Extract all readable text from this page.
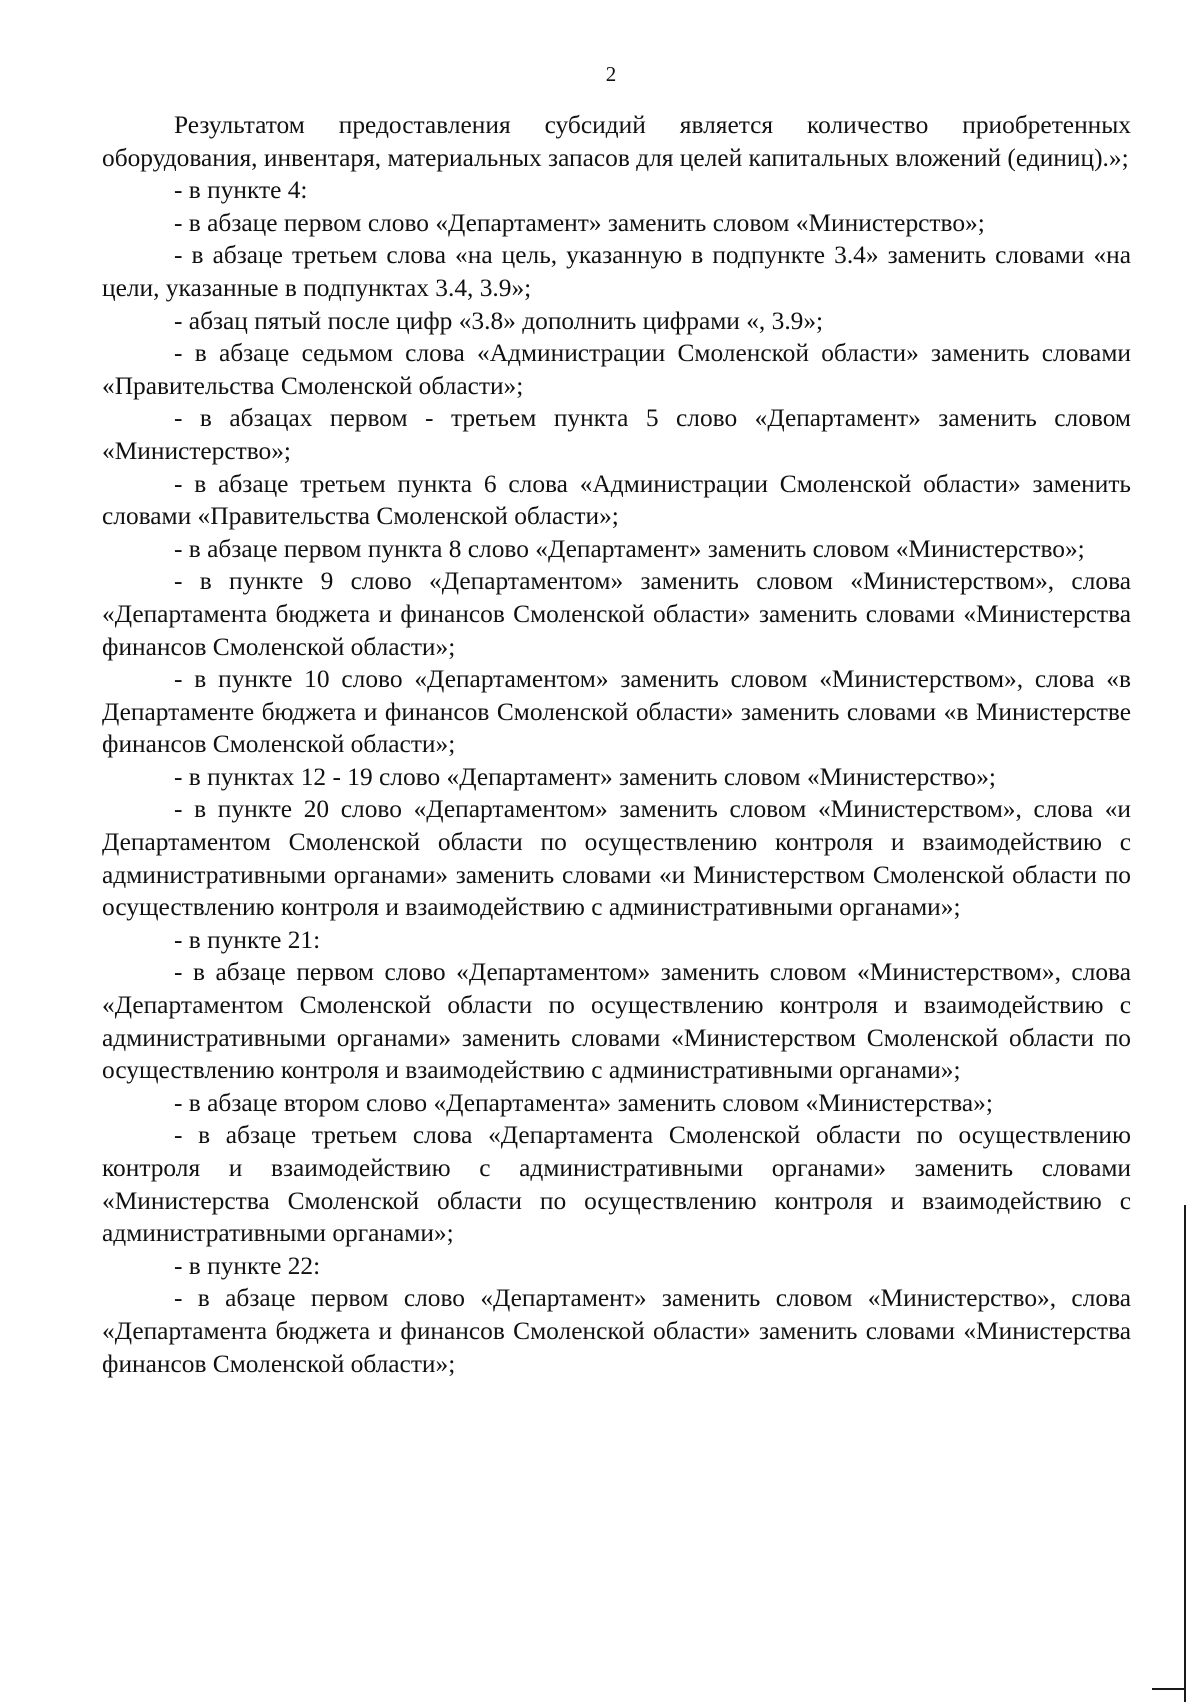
2

Результатом предоставления субсидий является количество приобретенных оборудования, инвентаря, материальных запасов для целей капитальных вложений (единиц).»;

- в пункте 4:

- в абзаце первом слово «Департамент» заменить словом «Министерство»;

- в абзаце третьем слова «на цель, указанную в подпункте 3.4» заменить словами «на цели, указанные в подпунктах 3.4, 3.9»;

- абзац пятый после цифр «3.8» дополнить цифрами «, 3.9»;

- в абзаце седьмом слова «Администрации Смоленской области» заменить словами «Правительства Смоленской области»;

- в абзацах первом - третьем пункта 5 слово «Департамент» заменить словом «Министерство»;

- в абзаце третьем пункта 6 слова «Администрации Смоленской области» заменить словами «Правительства Смоленской области»;

- в абзаце первом пункта 8 слово «Департамент» заменить словом «Министерство»;

- в пункте 9 слово «Департаментом» заменить словом «Министерством», слова «Департамента бюджета и финансов Смоленской области» заменить словами «Министерства финансов Смоленской области»;

- в пункте 10 слово «Департаментом» заменить словом «Министерством», слова «в Департаменте бюджета и финансов Смоленской области» заменить словами «в Министерстве финансов Смоленской области»;

- в пунктах 12 - 19 слово «Департамент» заменить словом «Министерство»;

- в пункте 20 слово «Департаментом» заменить словом «Министерством», слова «и Департаментом Смоленской области по осуществлению контроля и взаимодействию с административными органами» заменить словами «и Министерством Смоленской области по осуществлению контроля и взаимодействию с административными органами»;

- в пункте 21:

- в абзаце первом слово «Департаментом» заменить словом «Министерством», слова «Департаментом Смоленской области по осуществлению контроля и взаимодействию с административными органами» заменить словами «Министерством Смоленской области по осуществлению контроля и взаимодействию с административными органами»;

- в абзаце втором слово «Департамента» заменить словом «Министерства»;

- в абзаце третьем слова «Департамента Смоленской области по осуществлению контроля и взаимодействию с административными органами» заменить словами «Министерства Смоленской области по осуществлению контроля и взаимодействию с административными органами»;

- в пункте 22:

- в абзаце первом слово «Департамент» заменить словом «Министерство», слова «Департамента бюджета и финансов Смоленской области» заменить словами «Министерства финансов Смоленской области»;
